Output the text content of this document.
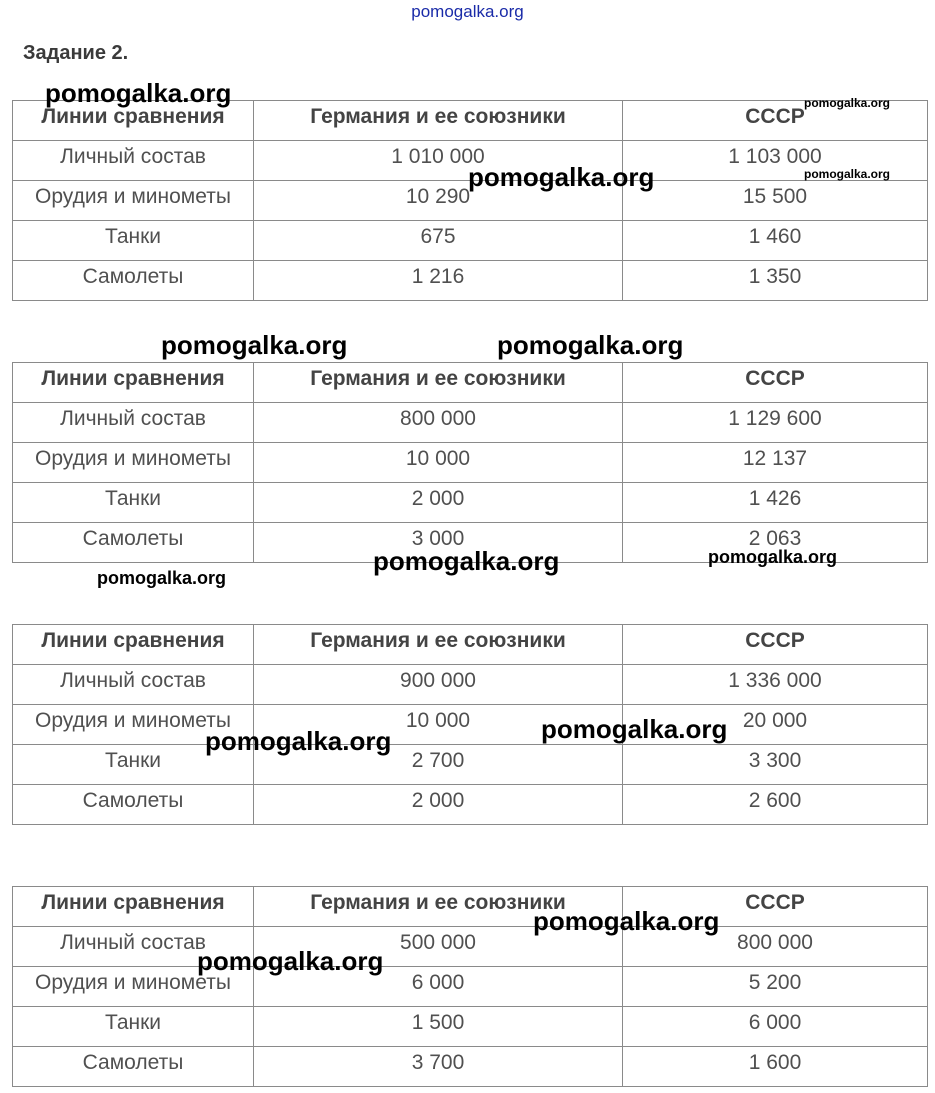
pomogalka.org
Задание 2.
Линии сравнения	Германия и ее союзники	СССР
Личный состав	1 010 000	1 103 000
Орудия и минометы	10 290	15 500
Танки	675	1 460
Самолеты	1 216	1 350
Линии сравнения	Германия и ее союзники	СССР
Личный состав	800 000	1 129 600
Орудия и минометы	10 000	12 137
Танки	2 000	1 426
Самолеты	3 000	2 063
Линии сравнения	Германия и ее союзники	СССР
Личный состав	900 000	1 336 000
Орудия и минометы	10 000	20 000
Танки	2 700	3 300
Самолеты	2 000	2 600
Линии сравнения	Германия и ее союзники	СССР
Личный состав	500 000	800 000
Орудия и минометы	6 000	5 200
Танки	1 500	6 000
Самолеты	3 700	1 600
pomogalka.org	pomogalka.org
pomogalka.org
pomogalka.org
pomogalka.org	pomogalka.org
pomogalka.org	pomogalka.org
pomogalka.org
pomogalka.org
pomogalka.org
pomogalka.org
pomogalka.org
